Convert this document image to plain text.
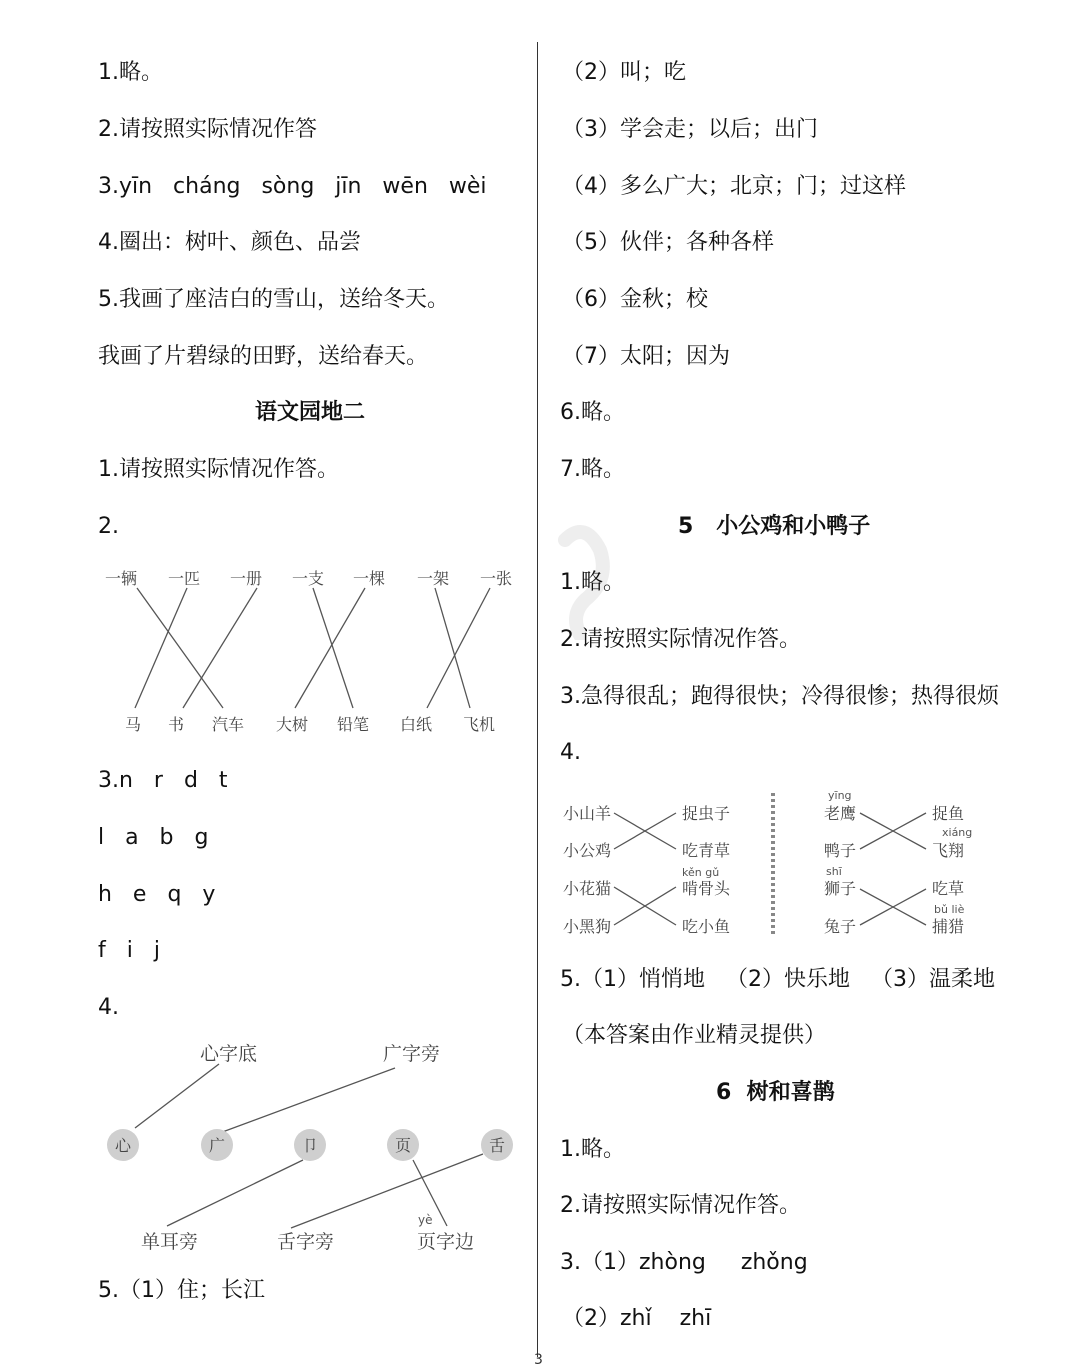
1.略。
2.请按照实际情况作答
3.yīn   cháng   sòng   jīn   wēn   wèi
4.圈出：树叶、颜色、品尝
5.我画了座洁白的雪山，送给冬天。
我画了片碧绿的田野，送给春天。
语文园地二
1.请按照实际情况作答。
2.
一辆 一匹 一册 一支 一棵 一架 一张
马 书 汽车 大树 铅笔 白纸 飞机
3.n   r   d   t
l   a   b   g
h   e   q   y
f   i   j
4.
心字底	广字旁
心	广	卩	页	舌
yè
单耳旁	舌字旁	页字边
5.（1）住；长江
（2）叫；吃
（3）学会走；以后；出门
（4）多么广大；北京；门；过这样
（5）伙伴；各种各样
（6）金秋；校
（7）太阳；因为
6.略。
7.略。
5   小公鸡和小鸭子
1.略。
2.请按照实际情况作答。
3.急得很乱；跑得很快；冷得很惨；热得很烦
4.
小山羊
小公鸡
小花猫
小黑狗
捉虫子
吃青草
啃骨头
吃小鱼
老鹰
鸭子
狮子
兔子
捉鱼
飞翔
吃草
捕猎
yīng
xiáng
shī
kěn gǔ
bǔ liè
5.（1）悄悄地   （2）快乐地   （3）温柔地
（本答案由作业精灵提供）
6  树和喜鹊
1.略。
2.请按照实际情况作答。
3.（1）zhòng     zhǒng
（2）zhǐ    zhī
3
